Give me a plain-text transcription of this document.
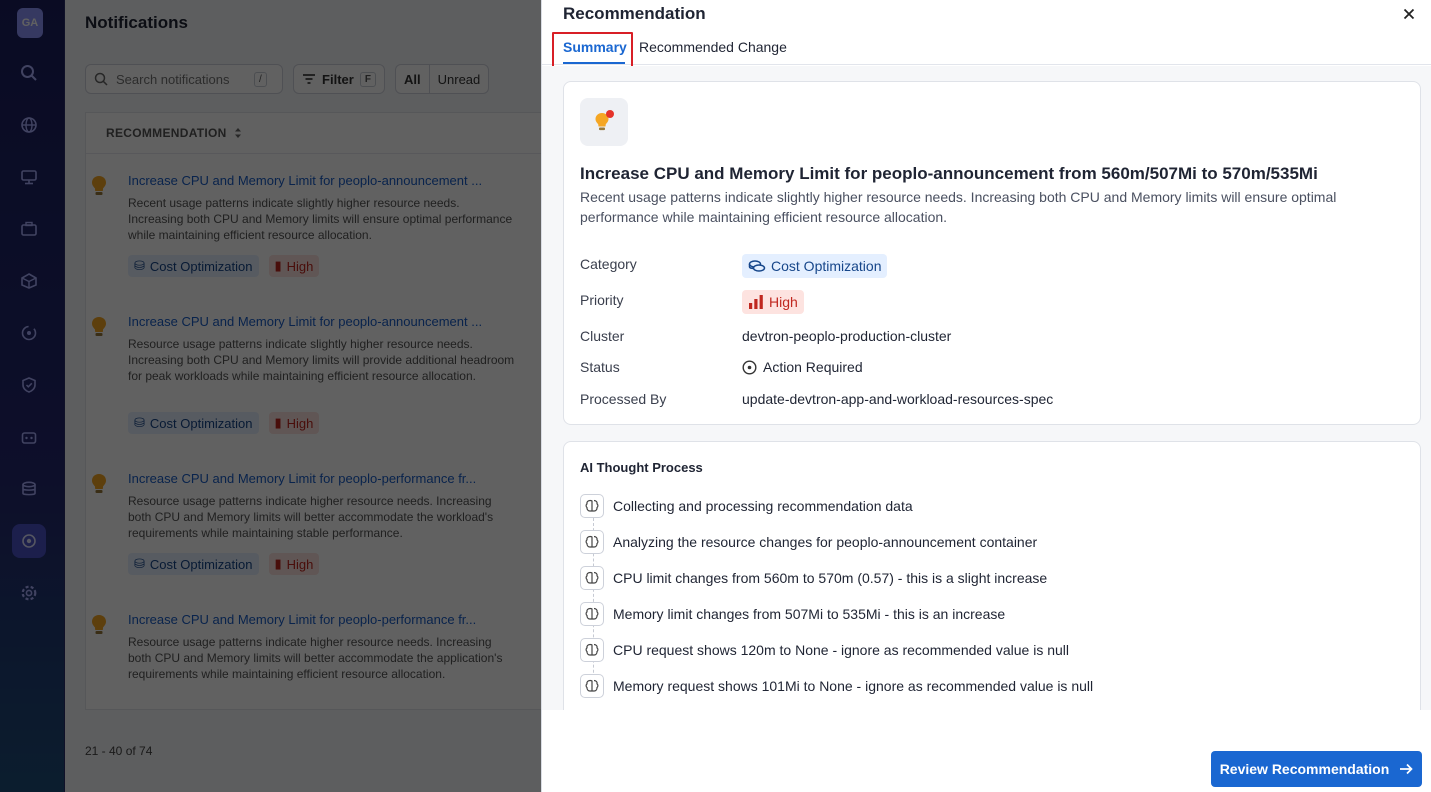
Search notifications
Recommendation
Summary Recommended Change
Increase CPU and Memory Limit for peoplo-announcement from 560m/507Mi to 570m/535Mi
Recent usage patterns indicate slightly higher resource needs. Increasing both CPU and Memory limits will ensure optimal performance while maintaining efficient resource allocation.
Category	Cost Optimization
Priority	High
Cluster	devtron-peoplo-production-cluster
Status	Action Required
Processed By	update-devtron-app-and-workload-resources-spec
AI Thought Process
Collecting and processing recommendation data
Analyzing the resource changes for peoplo-announcement container
CPU limit changes from 560m to 570m (0.57) - this is a slight increase
Memory limit changes from 507Mi to 535Mi - this is an increase
CPU request shows 120m to None - ignore as recommended value is null
Memory request shows 101Mi to None - ignore as recommended value is null
Review Recommendation
